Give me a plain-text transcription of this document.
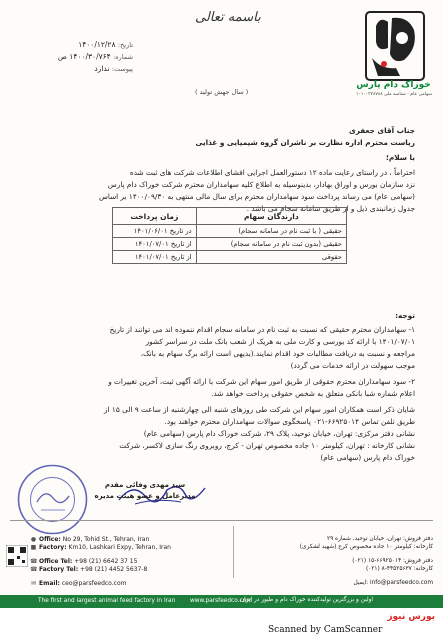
باسمه تعالی
تاریخ: ۱۴۰۰/۱۲/۲۸
شماره: ۱۴۰۰/۳۰/۷۶۴ ص
پیوست: ندارد
خوراک دام پارس
سهامی عام - شناسه ملی ۱۰۱۰۰۳۲۸۷۸۸
( سال جهش تولید )
جناب آقای جعفری
ریاست محترم اداره نظارت بر ناشران گروه شیمیایی و غذایی
با سلام؛
احتراماً ، در راستای رعایت ماده ۱۲ دستورالعمل اجرایی افشای اطلاعات شرکت های ثبت شده
نزد سازمان بورس و اوراق بهادار، بدینوسیله به اطلاع کلیه سهامداران محترم شرکت خوراک دام پارس
(سهامی عام) می رساند پرداخت سود سهامداران محترم برای سال مالی منتهی به ۱۴۰۰/۰۹/۳۰ بر اساس
جدول زمانبندی ذیل و از طریق سامانه سجام می باشد .
دارندگان سهام	زمان پرداخت
حقیقی ( با ثبت نام در سامانه سجام)	در تاریخ ۱۴۰۱/۰۶/۰۱
حقیقی (بدون ثبت نام در سامانه سجام)	از تاریخ ۱۴۰۱/۰۷/۰۱
حقوقی	از تاریخ ۱۴۰۱/۰۷/۰۱
توجه:
۱- سهامداران محترم حقیقی که نسبت به ثبت نام در سامانه سجام اقدام ننموده اند می توانند از تاریخ
۱۴۰۱/۰۷/۰۱ با ارائه کد بورسی و کارت ملی به هریک از شعب بانک ملت در سراسر کشور
مراجعه و نسبت به دریافت مطالبات خود اقدام نمایند.(بدیهی است ارائه برگ سهام به بانک،
موجب سهولت در ارائه خدمات می گردد)
۲- سود سهامداران محترم حقوقی از طریق امور سهام این شرکت با ارائه آگهی ثبت، آخرین تغییرات و
اعلام شماره شبا بانکی متعلق به شخص حقوقی پرداخت خواهد شد.
شایان ذکر است همکاران امور سهام این شرکت طی روزهای شنبه الی چهارشنبه از ساعت ۹ الی ۱۵ از
طریق تلفن تماس ۶۶۹۲۵۰۱۴-۰۲۱ پاسخگوی سوالات سهامداران محترم خواهند بود.
نشانی دفتر مرکزی: تهران، خیابان توحید، پلاک ۲۹، شرکت خوراک دام پارس (سهامی عام)
نشانی کارخانه : تهران، کیلومتر ۱۰ جاده مخصوص تهران - کرج، روبروی رنگ سازی لاکسر، شرکت
خوراک دام پارس (سهامی عام)
سید مهدی وفائی مقدم
مدیرعامل و عضو هیئت مدیره
● Office: No 29, Tohid St., Tehran, Iran
■ Factory: Km10, Lashkari Expy, Tehran, Iran
☎ Office Tel: +98 (21) 6642 37 15
☎ Factory Tel: +98 (21) 4452 5637-8
✉ Email: ceo@parsfeedco.com
دفتر فروش: تهران، خیابان توحید، شماره ۲۹
کارخانه: کیلومتر ۱۰ جاده مخصوص کرج (شهید لشکری)
دفتر فروش: ۶۶۹۲۵۰۱۴-۱۵ (۰۲۱)
کارخانه: ۴۴۵۲۵۶۳۷-۸ (۰۲۱)
info@parsfeedco.com :ایمیل
The first and largest animal feed factory in Iran	www.parsfeedco.com
اولین و بزرگترین تولیدکننده خوراک دام و طیور در ایران
Scanned by CamScanner
بورس نیوز
